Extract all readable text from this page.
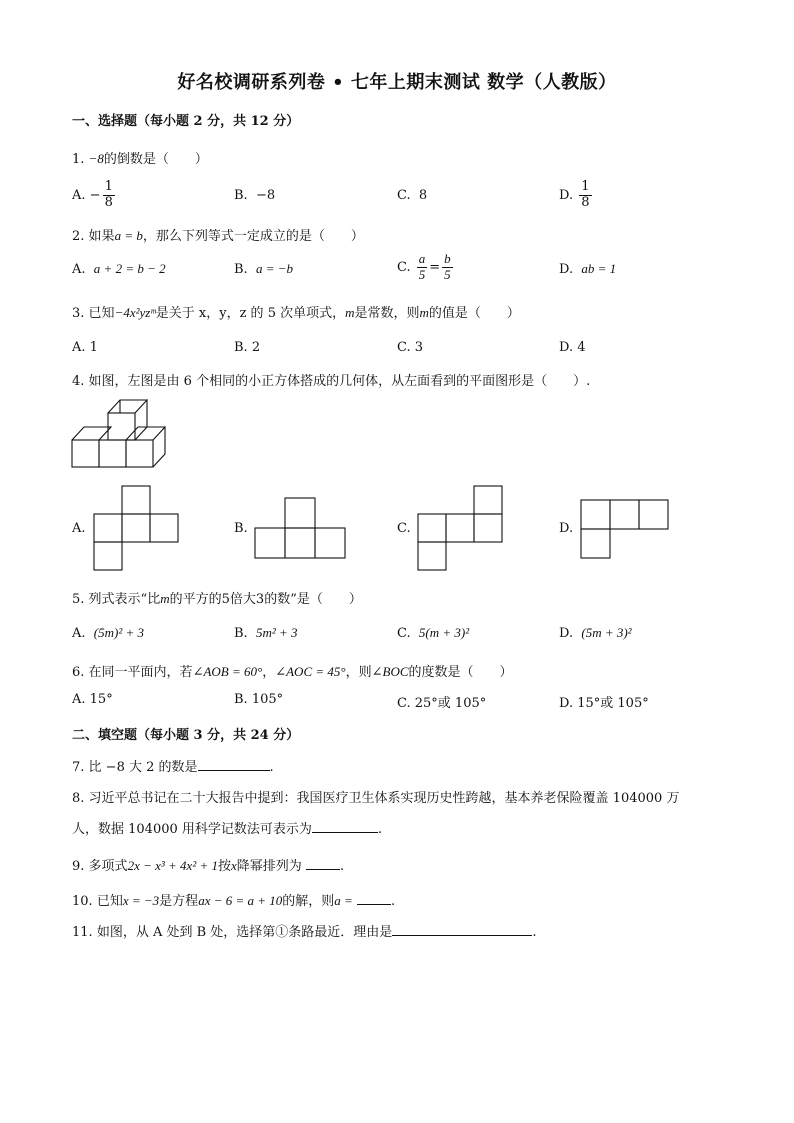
好名校调研系列卷 • 七年上期末测试 数学（人教版）
一、选择题（每小题 2 分，共 12 分）
1. −8的倒数是（　　）
A. − $\frac{1}{8}$	B. −8	C. 8	D. $\frac{1}{8}$
2. 如果a = b，那么下列等式一定成立的是（　　）
A. a + 2 = b − 2	B. a = −b	C. $\frac{a}{5} = \frac{b}{5}$	D. ab = 1
3. 已知−4x²yzᵐ是关于 x，y，z 的 5 次单项式，m是常数，则m的值是（　　）
A. 1	B. 2	C. 3	D. 4
4. 如图，左图是由 6 个相同的小正方体搭成的几何体，从左面看到的平面图形是（　　）.
A.	B.	C.	D.
5. 列式表示“比m的平方的5倍大3的数”是（　　）
A. (5m)² + 3	B. 5m² + 3	C. 5(m + 3)²	D. (5m + 3)²
6. 在同一平面内，若∠AOB = 60°，∠AOC = 45°，则∠BOC的度数是（　　）
A. 15°	B. 105°	C. 25°或 105°	D. 15°或 105°
二、填空题（每小题 3 分，共 24 分）
7. 比 −8 大 2 的数是	.
8. 习近平总书记在二十大报告中提到：我国医疗卫生体系实现历史性跨越，基本养老保险覆盖 104000 万
人，数据 104000 用科学记数法可表示为	.
9. 多项式2x − x³ + 4x² + 1按x降幂排列为	.
10. 已知x = −3是方程ax − 6 = a + 10的解，则a =	.
11. 如图，从 A 处到 B 处，选择第①条路最近．理由是	.
